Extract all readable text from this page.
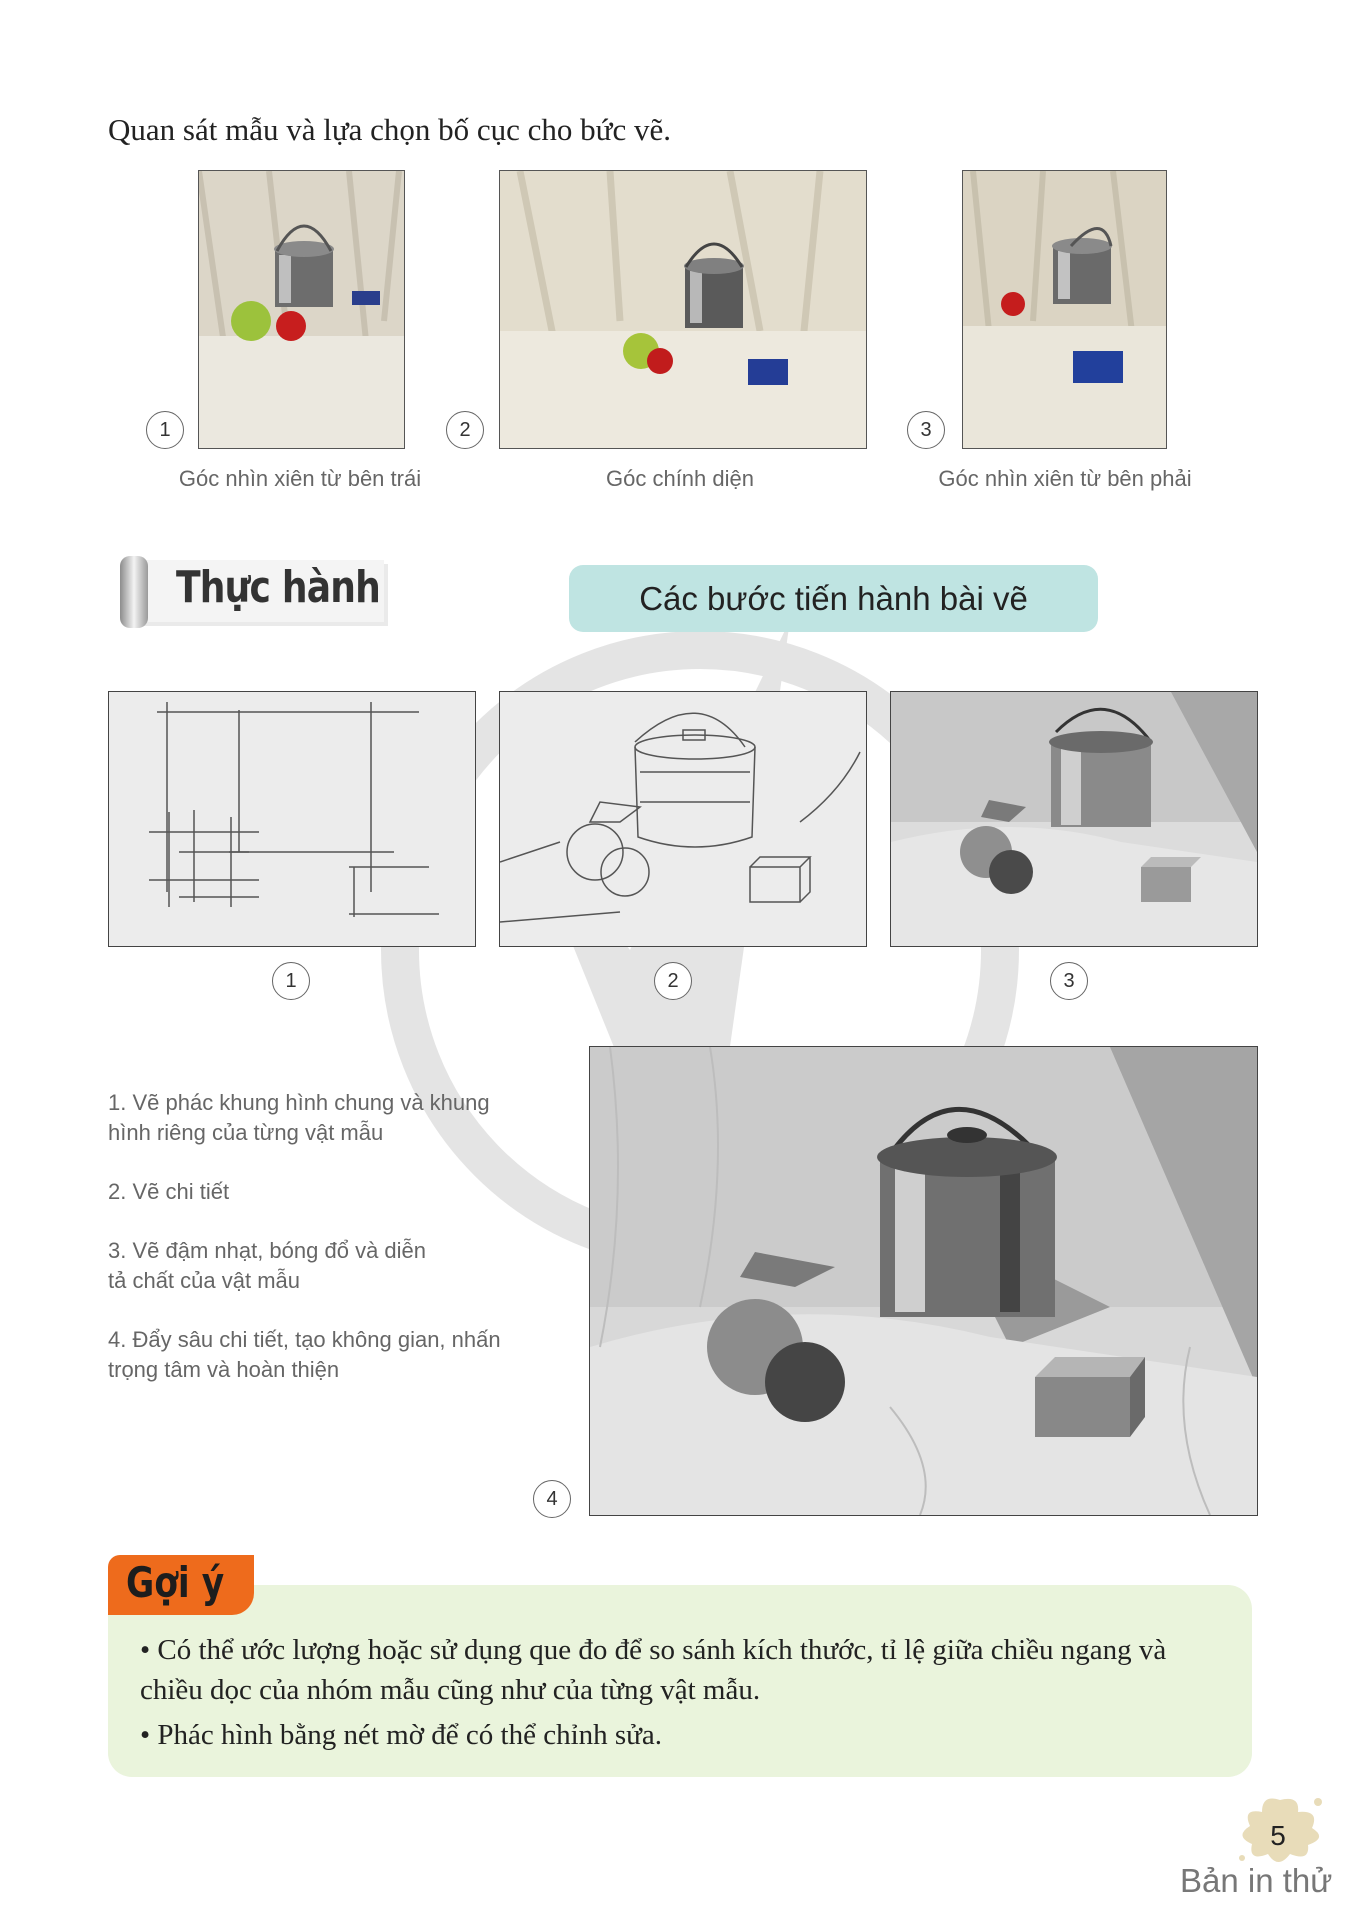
Quan sát mẫu và lựa chọn bố cục cho bức vẽ.
1
Góc nhìn xiên từ bên trái
2
Góc chính diện
3
Góc nhìn xiên từ bên phải
Thực hành	Các bước tiến hành bài vẽ
1	2	3
1. Vẽ phác khung hình chung và khung hình riêng của từng vật mẫu
2. Vẽ chi tiết
3. Vẽ đậm nhạt, bóng đổ và diễn tả chất của vật mẫu
4. Đẩy sâu chi tiết, tạo không gian, nhấn trọng tâm và hoàn thiện
4
Gợi ý
• Có thể ước lượng hoặc sử dụng que đo để so sánh kích thước, tỉ lệ giữa chiều ngang và chiều dọc của nhóm mẫu cũng như của từng vật mẫu.
• Phác hình bằng nét mờ để có thể chỉnh sửa.
5
Bản in thử
